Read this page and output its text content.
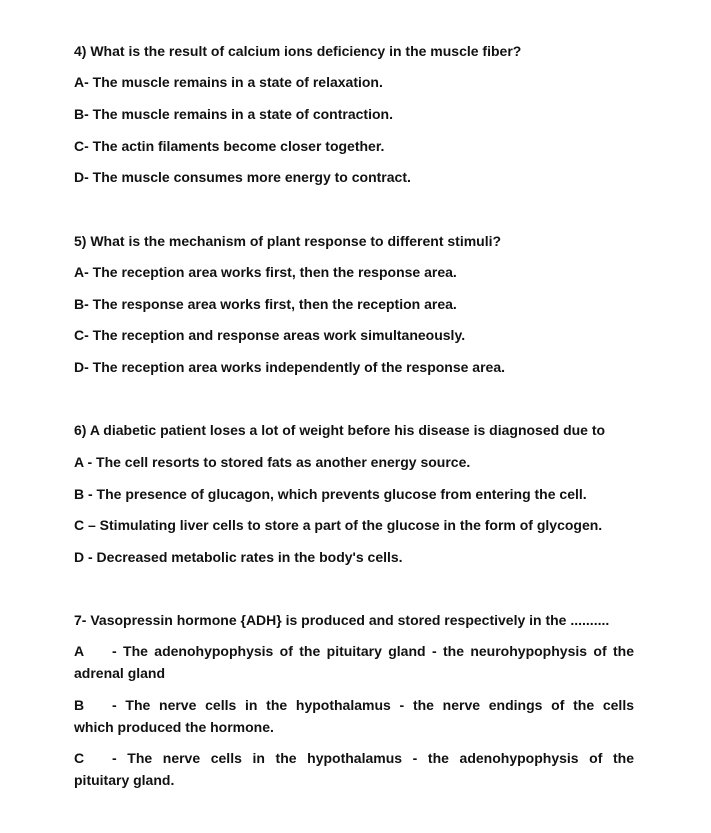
4) What is the result of calcium ions deficiency in the muscle fiber?
A- The muscle remains in a state of relaxation.
B- The muscle remains in a state of contraction.
C- The actin filaments become closer together.
D- The muscle consumes more energy to contract.
5) What is the mechanism of plant response to different stimuli?
A- The reception area works first, then the response area.
B- The response area works first, then the reception area.
C- The reception and response areas work simultaneously.
D- The reception area works independently of the response area.
6) A diabetic patient loses a lot of weight before his disease is diagnosed due to
A - The cell resorts to stored fats as another energy source.
B - The presence of glucagon, which prevents glucose from entering the cell.
C – Stimulating liver cells to store a part of the glucose in the form of glycogen.
D - Decreased metabolic rates in the body's cells.
7- Vasopressin hormone {ADH} is produced and stored respectively in the ..........
A - The adenohypophysis of the pituitary gland - the neurohypophysis of the
adrenal gland
B - The nerve cells in the hypothalamus - the nerve endings of the cells
which produced the hormone.
C - The nerve cells in the hypothalamus - the adenohypophysis of the
pituitary gland.
